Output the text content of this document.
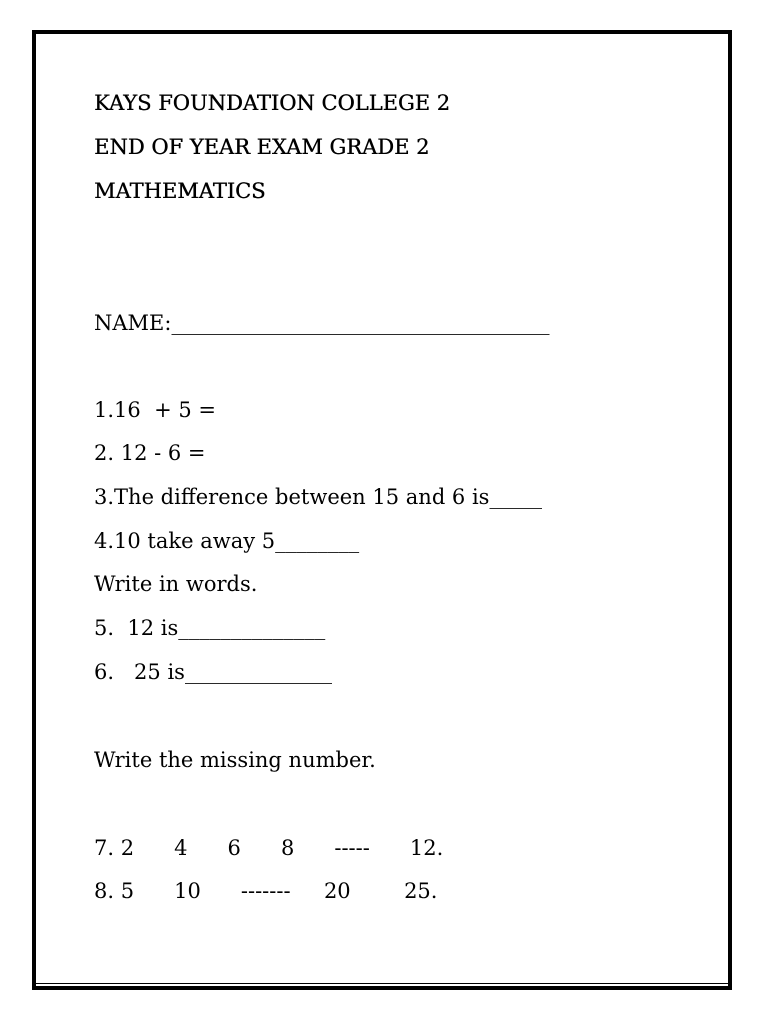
KAYS FOUNDATION COLLEGE 2

END OF YEAR EXAM GRADE 2

MATHEMATICS

NAME:____________________________________

1.16  + 5 =

2. 12 - 6 =

3.The difference between 15 and 6 is_____

4.10 take away 5________

Write in words.

5.  12 is______________

6.   25 is______________

Write the missing number.

7. 2      4      6      8      -----      12.

8. 5      10      -------     20        25.
